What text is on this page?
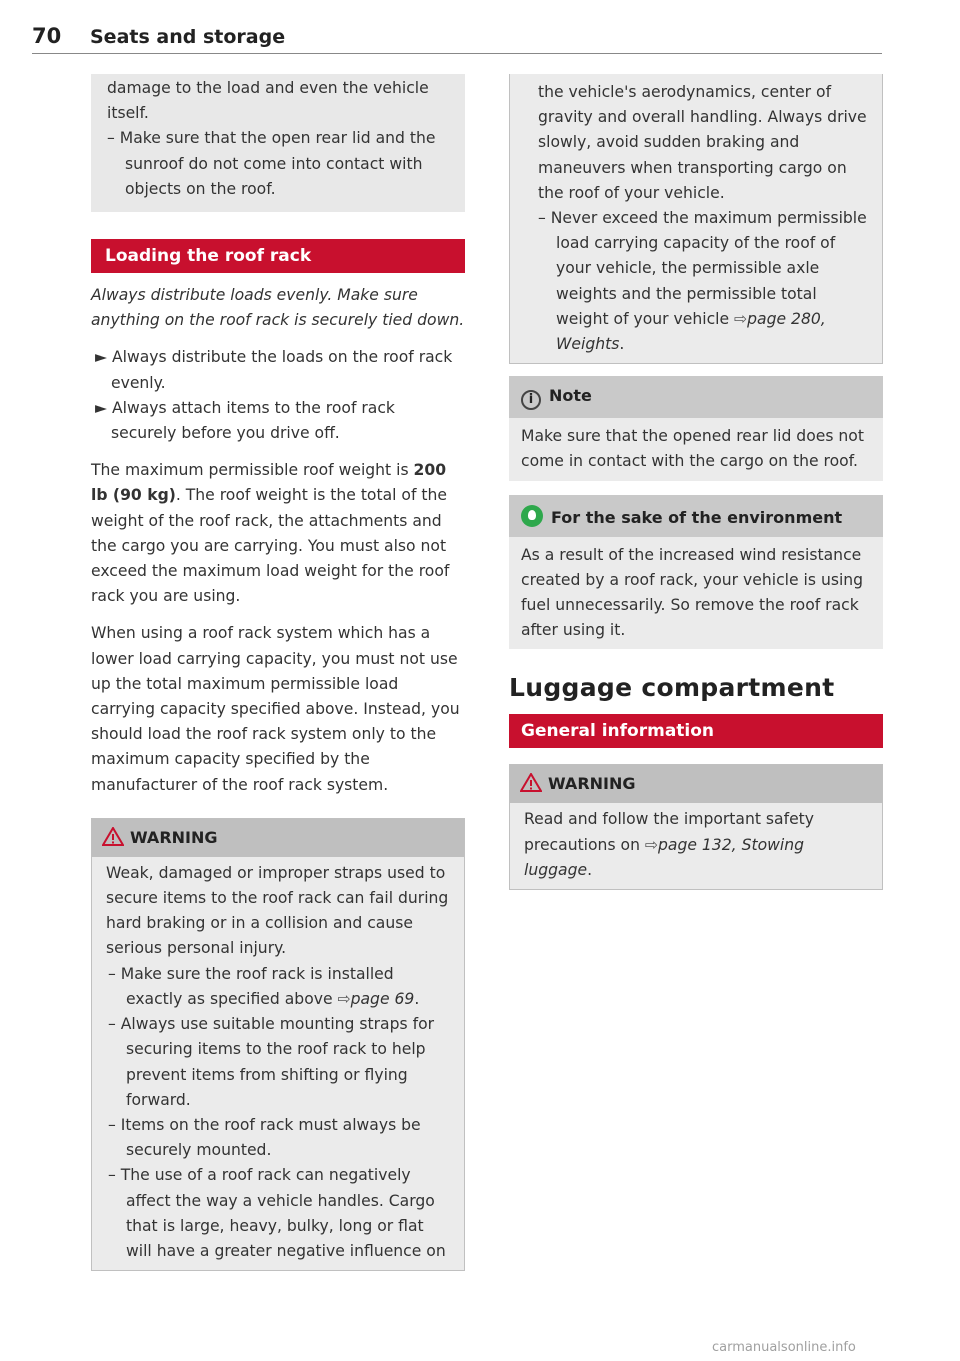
70 Seats and storage

damage to the load and even the vehicle itself.

– Make sure that the open rear lid and the sunroof do not come into contact with objects on the roof.

Loading the roof rack

Always distribute loads evenly. Make sure anything on the roof rack is securely tied down.

► Always distribute the loads on the roof rack evenly.

► Always attach items to the roof rack securely before you drive off.

The maximum permissible roof weight is 200 lb (90 kg). The roof weight is the total of the weight of the roof rack, the attachments and the cargo you are carrying. You must also not exceed the maximum load weight for the roof rack you are using.

When using a roof rack system which has a lower load carrying capacity, you must not use up the total maximum permissible load carrying capacity specified above. Instead, you should load the roof rack system only to the maximum capacity specified by the manufacturer of the roof rack system.

WARNING

Weak, damaged or improper straps used to secure items to the roof rack can fail during hard braking or in a collision and cause serious personal injury.

– Make sure the roof rack is installed exactly as specified above ⇨page 69.

– Always use suitable mounting straps for securing items to the roof rack to help prevent items from shifting or flying forward.

– Items on the roof rack must always be securely mounted.

– The use of a roof rack can negatively affect the way a vehicle handles. Cargo that is large, heavy, bulky, long or flat will have a greater negative influence on

the vehicle's aerodynamics, center of gravity and overall handling. Always drive slowly, avoid sudden braking and maneuvers when transporting cargo on the roof of your vehicle.

– Never exceed the maximum permissible load carrying capacity of the roof of your vehicle, the permissible axle weights and the permissible total weight of your vehicle ⇨page 280, Weights.

i Note

Make sure that the opened rear lid does not come in contact with the cargo on the roof.

For the sake of the environment

As a result of the increased wind resistance created by a roof rack, your vehicle is using fuel unnecessarily. So remove the roof rack after using it.

Luggage compartment
General information
WARNING

Read and follow the important safety precautions on ⇨page 132, Stowing luggage.

carmanualsonline.info
